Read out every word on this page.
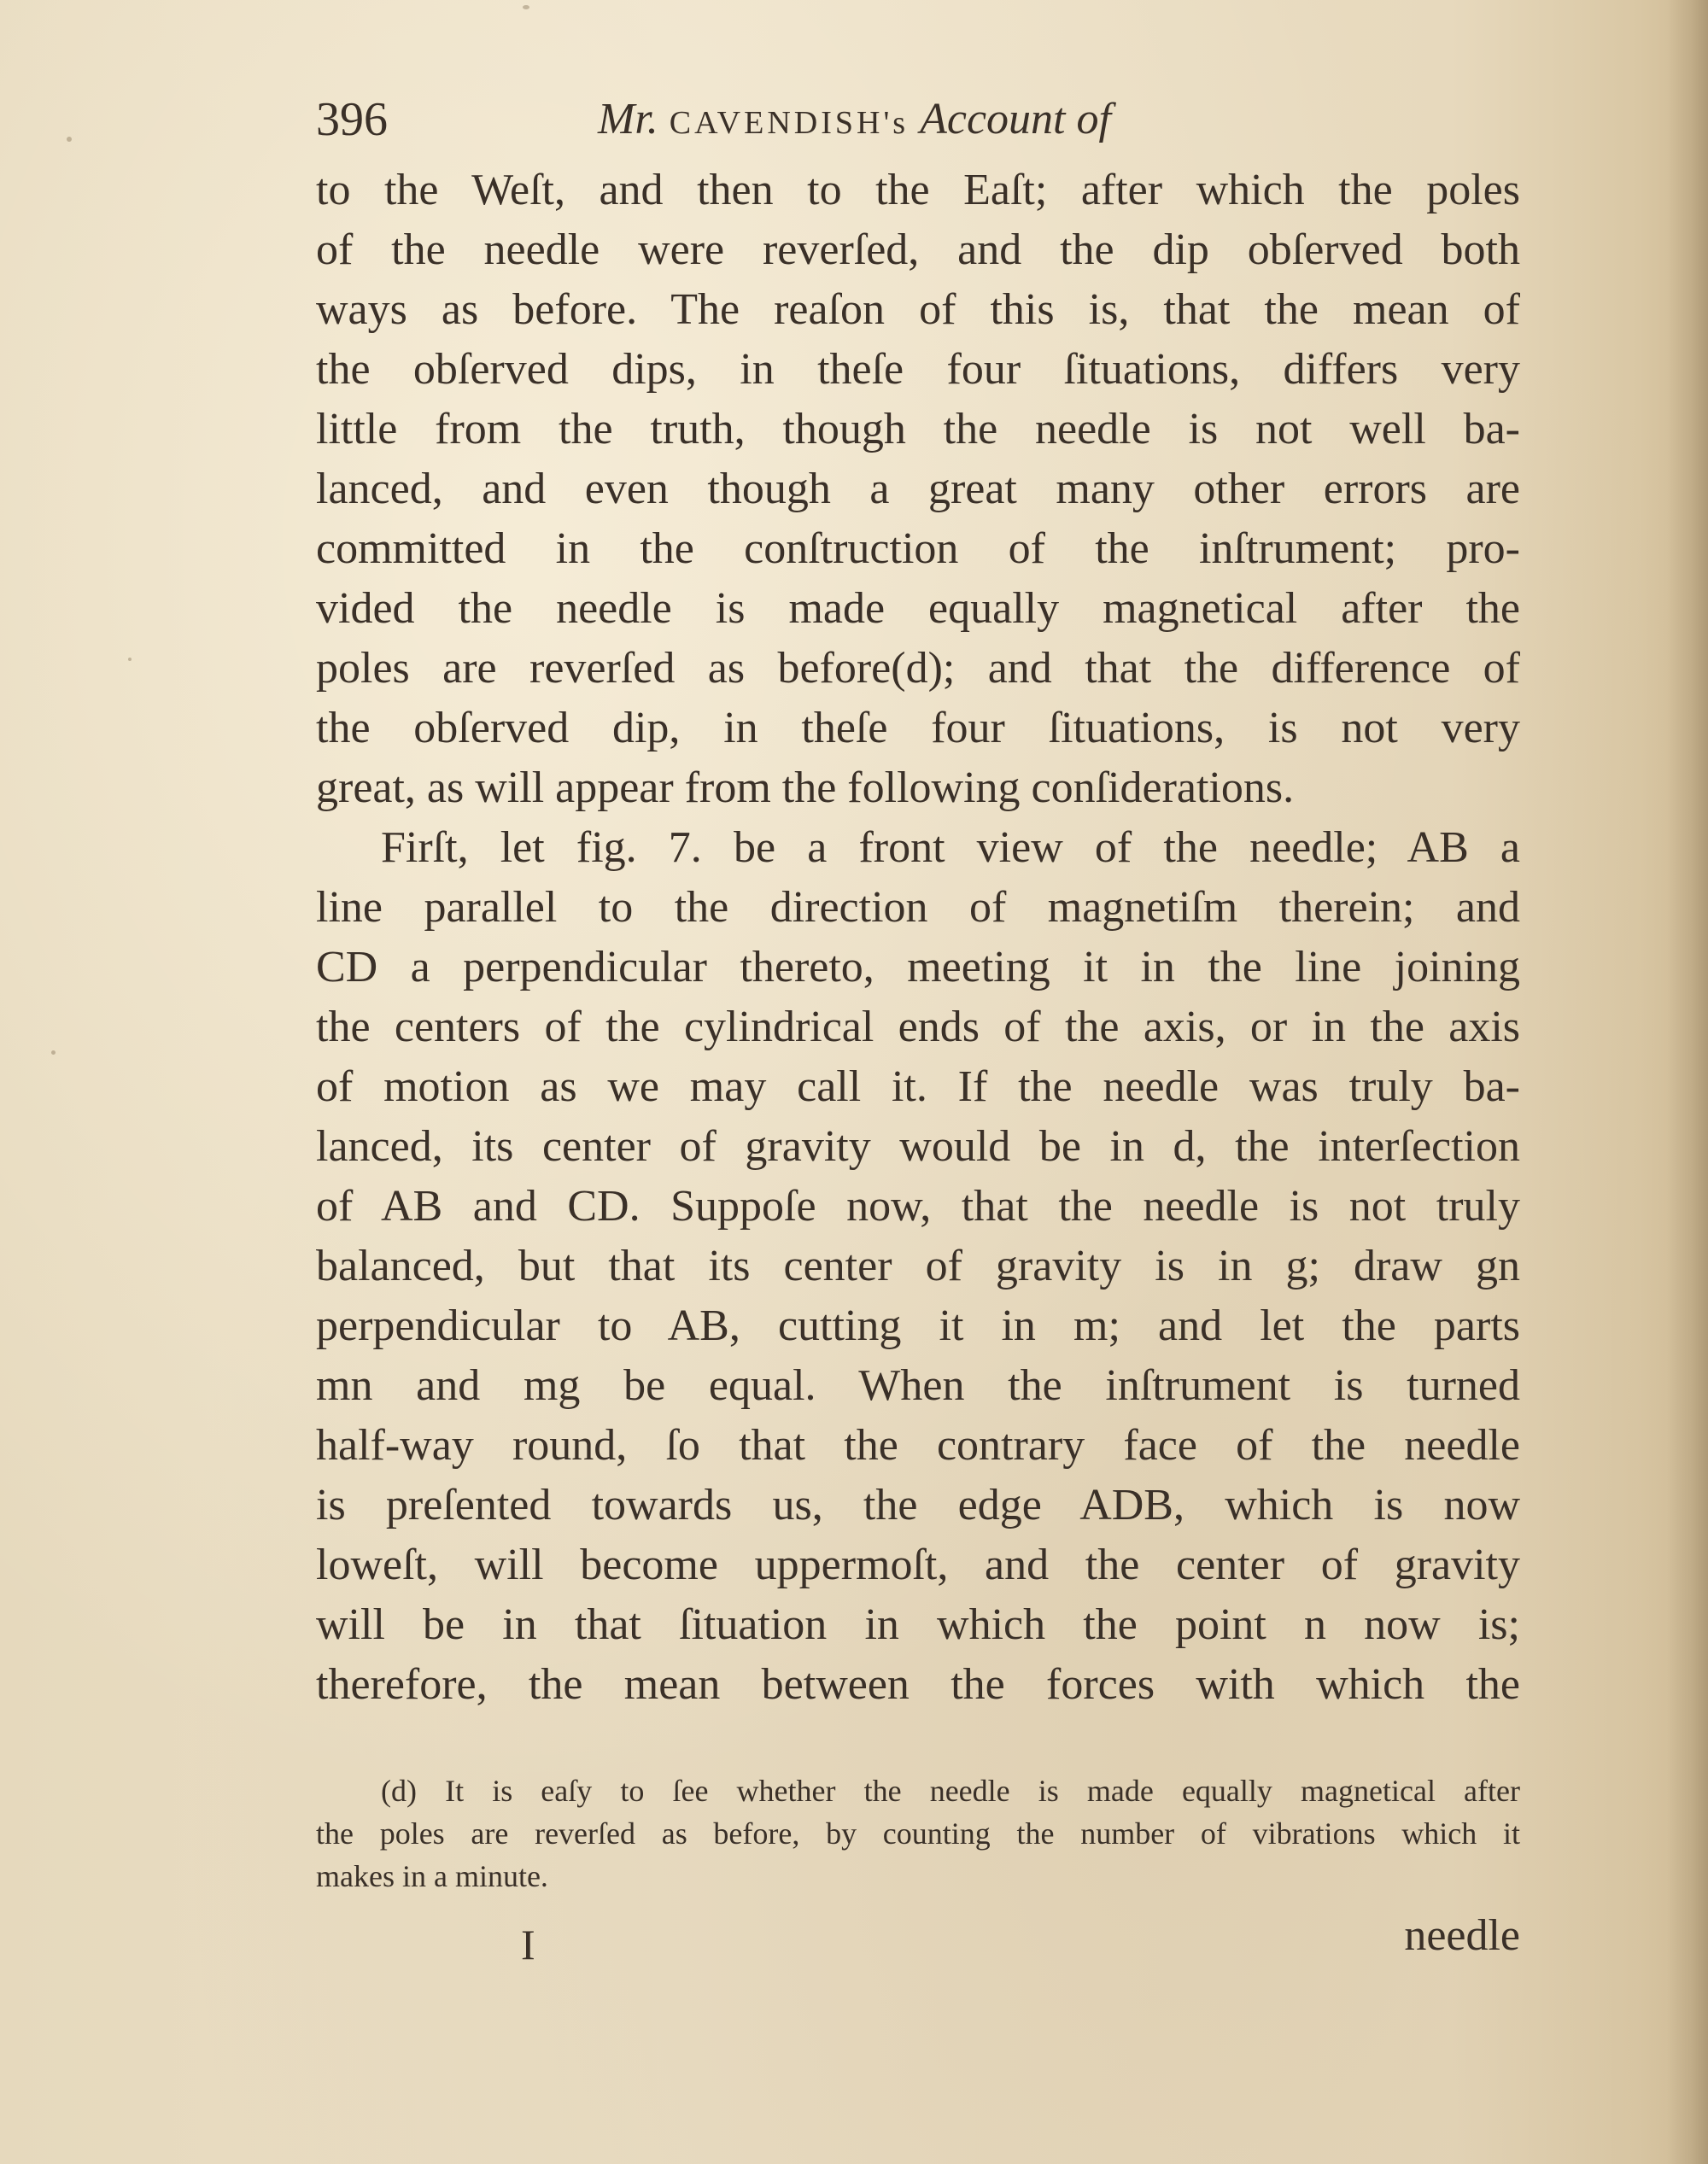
396	Mr. CAVENDISH's Account of
to the Weſt, and then to the Eaſt; after which the poles
of the needle were reverſed, and the dip obſerved both
ways as before. The reaſon of this is, that the mean of
the obſerved dips, in theſe four ſituations, differs very
little from the truth, though the needle is not well ba-
lanced, and even though a great many other errors are
committed in the conſtruction of the inſtrument; pro-
vided the needle is made equally magnetical after the
poles are reverſed as before(d); and that the difference of
the obſerved dip, in theſe four ſituations, is not very
great, as will appear from the following conſiderations.
Firſt, let fig. 7. be a front view of the needle; AB a
line parallel to the direction of magnetiſm therein; and
CD a perpendicular thereto, meeting it in the line joining
the centers of the cylindrical ends of the axis, or in the axis
of motion as we may call it. If the needle was truly ba-
lanced, its center of gravity would be in d, the interſection
of AB and CD. Suppoſe now, that the needle is not truly
balanced, but that its center of gravity is in g; draw gn
perpendicular to AB, cutting it in m; and let the parts
mn and mg be equal. When the inſtrument is turned
half-way round, ſo that the contrary face of the needle
is preſented towards us, the edge ADB, which is now
loweſt, will become uppermoſt, and the center of gravity
will be in that ſituation in which the point n now is;
therefore, the mean between the forces with which the
(d) It is eaſy to ſee whether the needle is made equally magnetical after
the poles are reverſed as before, by counting the number of vibrations which it
makes in a minute.
I	needle
